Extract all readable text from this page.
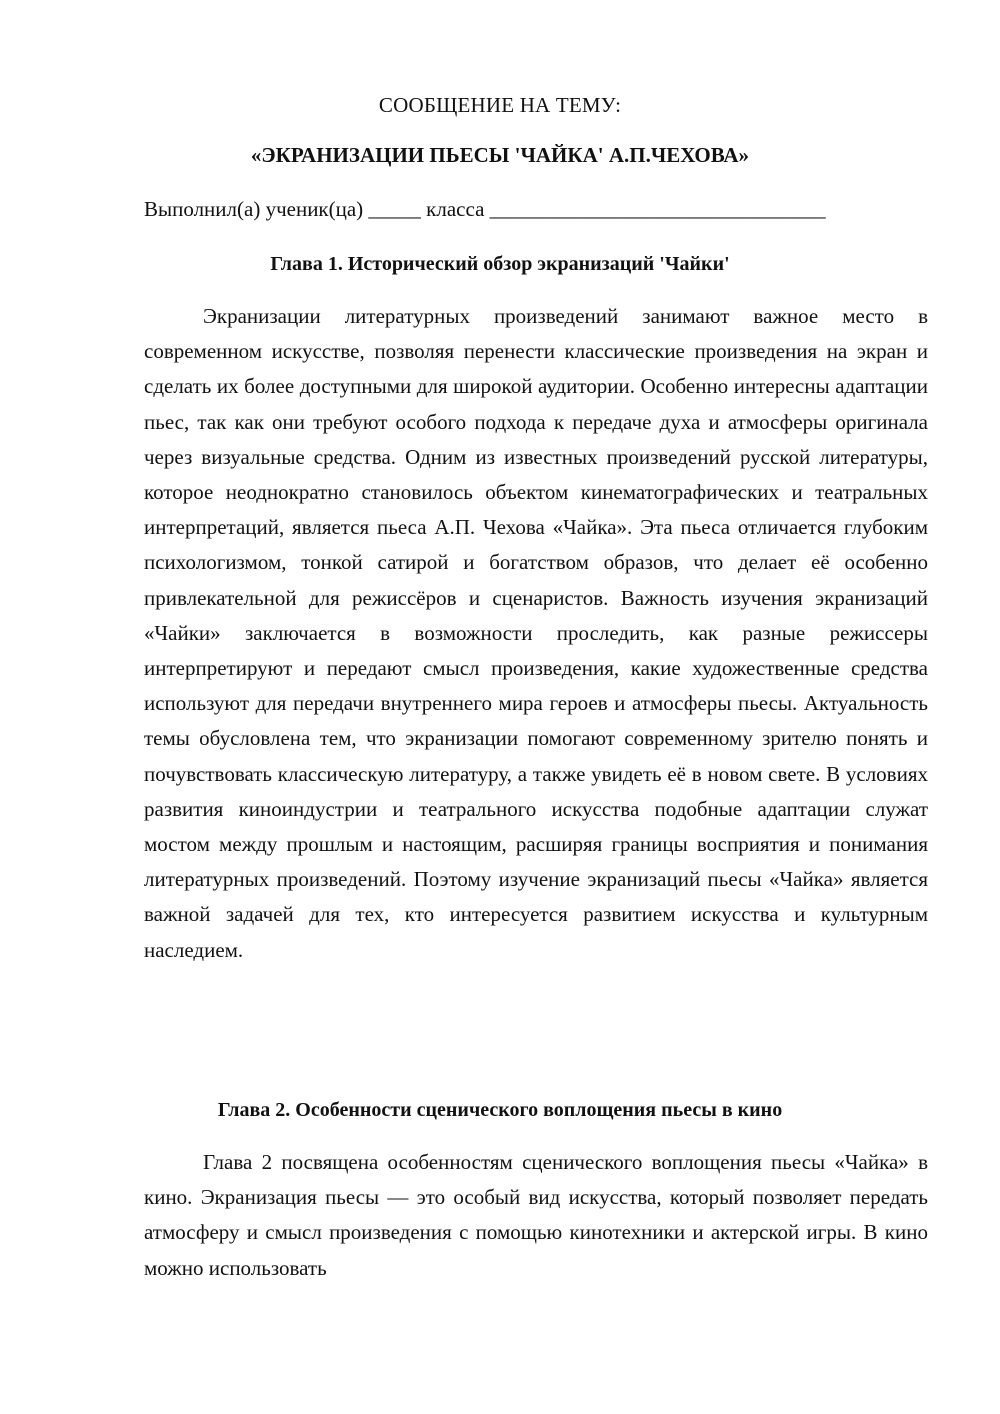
СООБЩЕНИЕ НА ТЕМУ:
«ЭКРАНИЗАЦИИ ПЬЕСЫ 'ЧАЙКА' А.П.ЧЕХОВА»
Выполнил(а) ученик(ца) _____ класса ________________________________
Глава 1. Исторический обзор экранизаций 'Чайки'

Экранизации литературных произведений занимают важное место в современном искусстве, позволяя перенести классические произведения на экран и сделать их более доступными для широкой аудитории. Особенно интересны адаптации пьес, так как они требуют особого подхода к передаче духа и атмосферы оригинала через визуальные средства. Одним из известных произведений русской литературы, которое неоднократно становилось объектом кинематографических и театральных интерпретаций, является пьеса А.П. Чехова «Чайка». Эта пьеса отличается глубоким психологизмом, тонкой сатирой и богатством образов, что делает её особенно привлекательной для режиссёров и сценаристов. Важность изучения экранизаций «Чайки» заключается в возможности проследить, как разные режиссеры интерпретируют и передают смысл произведения, какие художественные средства используют для передачи внутреннего мира героев и атмосферы пьесы. Актуальность темы обусловлена тем, что экранизации помогают современному зрителю понять и почувствовать классическую литературу, а также увидеть её в новом свете. В условиях развития киноиндустрии и театрального искусства подобные адаптации служат мостом между прошлым и настоящим, расширяя границы восприятия и понимания литературных произведений. Поэтому изучение экранизаций пьесы «Чайка» является важной задачей для тех, кто интересуется развитием искусства и культурным наследием.

Глава 2. Особенности сценического воплощения пьесы в кино

Глава 2 посвящена особенностям сценического воплощения пьесы «Чайка» в кино. Экранизация пьесы — это особый вид искусства, который позволяет передать атмосферу и смысл произведения с помощью кинотехники и актерской игры. В кино можно использовать
